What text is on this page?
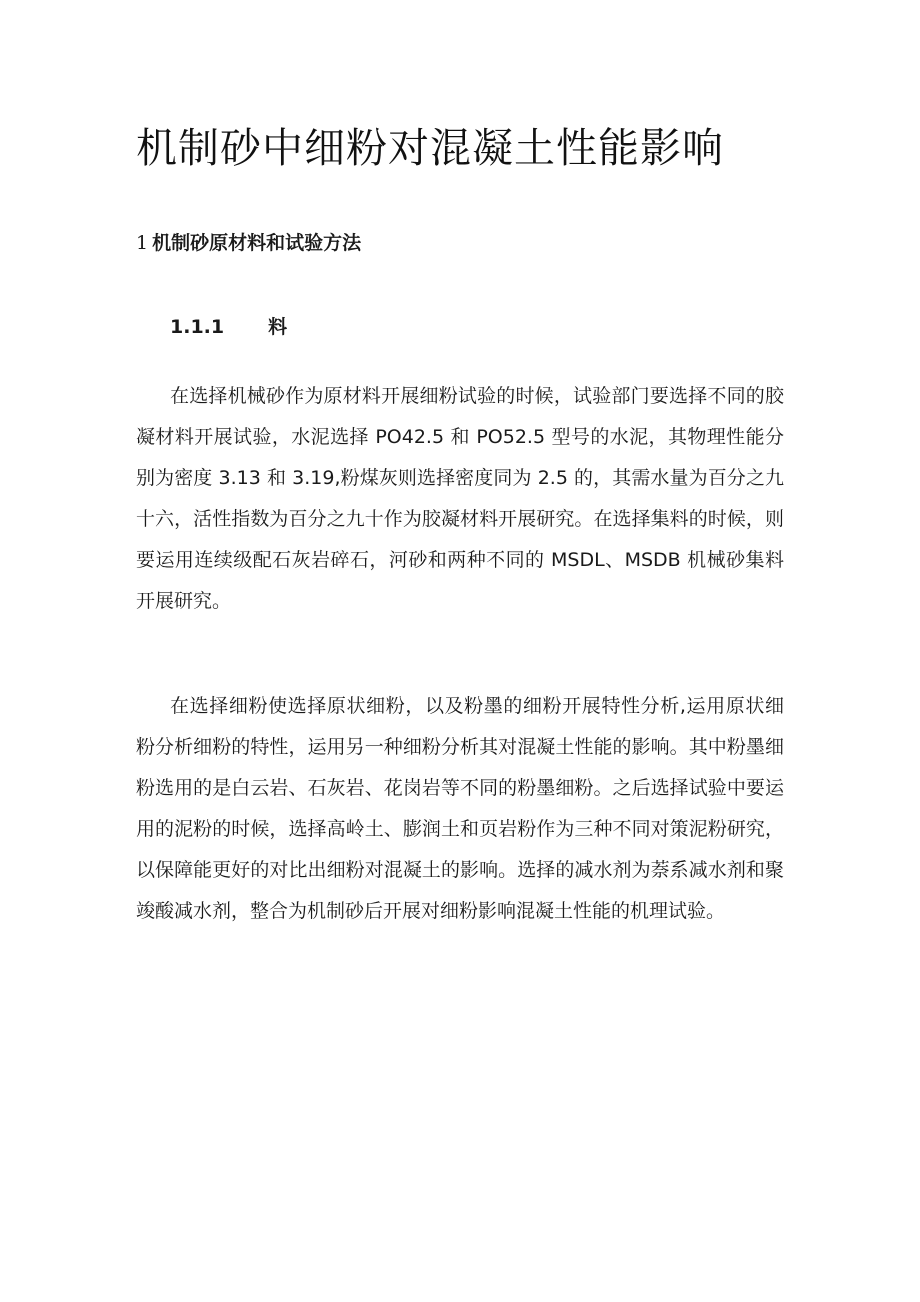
机制砂中细粉对混凝土性能影响
1 机制砂原材料和试验方法
1.1.1 料

在选择机械砂作为原材料开展细粉试验的时候，试验部门要选择不同的胶凝材料开展试验，水泥选择 PO42.5 和 PO52.5 型号的水泥，其物理性能分别为密度 3.13 和 3.19,粉煤灰则选择密度同为 2.5 的，其需水量为百分之九十六，活性指数为百分之九十作为胶凝材料开展研究。在选择集料的时候，则要运用连续级配石灰岩碎石，河砂和两种不同的 MSDL、MSDB 机械砂集料开展研究。

在选择细粉使选择原状细粉，以及粉墨的细粉开展特性分析,运用原状细粉分析细粉的特性，运用另一种细粉分析其对混凝土性能的影响。其中粉墨细粉选用的是白云岩、石灰岩、花岗岩等不同的粉墨细粉。之后选择试验中要运用的泥粉的时候，选择高岭土、膨润土和页岩粉作为三种不同对策泥粉研究，以保障能更好的对比出细粉对混凝土的影响。选择的减水剂为萘系减水剂和聚竣酸减水剂，整合为机制砂后开展对细粉影响混凝土性能的机理试验。
